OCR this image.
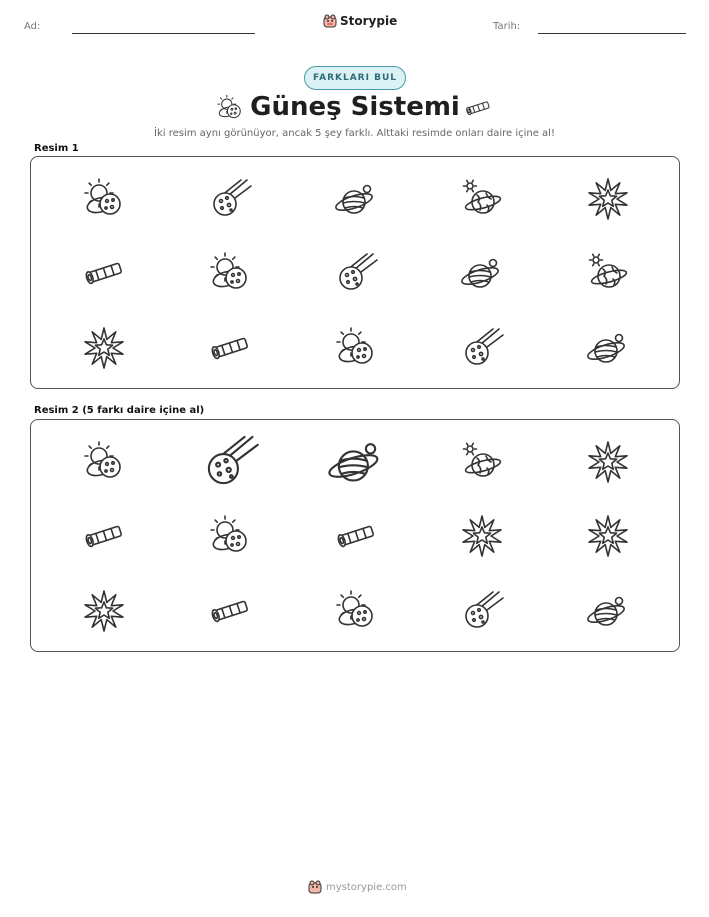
Ad:	Storypie	Tarih:
FARKLARI BUL
Güneş Sistemi
İki resim aynı görünüyor, ancak 5 şey farklı. Alttaki resimde onları daire içine al!
Resim 1
Resim 2 (5 farkı daire içine al)
mystorypie.com
